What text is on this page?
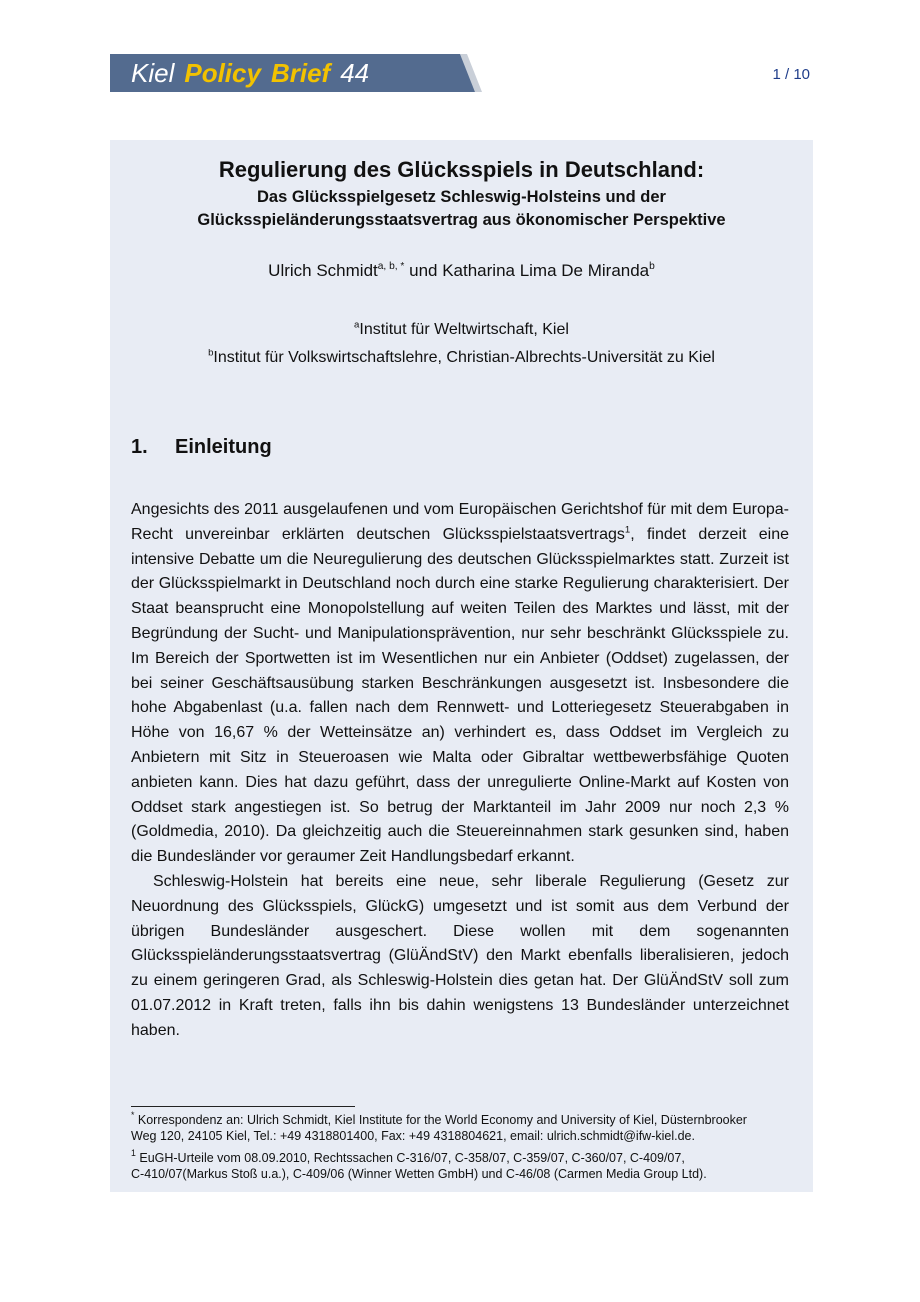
Kiel Policy Brief 44	1 / 10
Regulierung des Glücksspiels in Deutschland:
Das Glücksspielgesetz Schleswig-Holsteins und der
Glücksspieländerungsstaatsvertrag aus ökonomischer Perspektive
Ulrich Schmidt$^{a, b, *}$ und Katharina Lima De Miranda$^b$
$^a$Institut für Weltwirtschaft, Kiel
$^b$Institut für Volkswirtschaftslehre, Christian-Albrechts-Universität zu Kiel
1. Einleitung

Angesichts des 2011 ausgelaufenen und vom Europäischen Gerichtshof für mit dem Europa-Recht unvereinbar erklärten deutschen Glücksspielstaatsvertrags$^1$, findet derzeit eine intensive Debatte um die Neuregulierung des deutschen Glücksspielmarktes statt. Zurzeit ist der Glücksspielmarkt in Deutschland noch durch eine starke Regulierung charakterisiert. Der Staat beansprucht eine Monopolstellung auf weiten Teilen des Marktes und lässt, mit der Begründung der Sucht- und Manipulationsprävention, nur sehr beschränkt Glücksspiele zu. Im Bereich der Sportwetten ist im Wesentlichen nur ein Anbieter (Oddset) zugelassen, der bei seiner Geschäftsausübung starken Beschränkungen ausgesetzt ist. Insbesondere die hohe Abgabenlast (u.a. fallen nach dem Rennwett- und Lotteriegesetz Steuerabgaben in Höhe von 16,67 % der Wetteinsätze an) verhindert es, dass Oddset im Vergleich zu Anbietern mit Sitz in Steueroasen wie Malta oder Gibraltar wettbewerbsfähige Quoten anbieten kann. Dies hat dazu geführt, dass der unregulierte Online-Markt auf Kosten von Oddset stark angestiegen ist. So betrug der Marktanteil im Jahr 2009 nur noch 2,3 % (Goldmedia, 2010). Da gleichzeitig auch die Steuereinnahmen stark gesunken sind, haben die Bundesländer vor geraumer Zeit Handlungsbedarf erkannt.

Schleswig-Holstein hat bereits eine neue, sehr liberale Regulierung (Gesetz zur Neuordnung des Glücksspiels, GlückG) umgesetzt und ist somit aus dem Verbund der übrigen Bundesländer ausgeschert. Diese wollen mit dem sogenannten Glücksspieländerungsstaatsvertrag (GlüÄndStV) den Markt ebenfalls liberalisieren, jedoch zu einem geringeren Grad, als Schleswig-Holstein dies getan hat. Der GlüÄndStV soll zum 01.07.2012 in Kraft treten, falls ihn bis dahin wenigstens 13 Bundesländer unterzeichnet haben.

* Korrespondenz an: Ulrich Schmidt, Kiel Institute for the World Economy and University of Kiel, Düsternbrooker
Weg 120, 24105 Kiel, Tel.: +49 4318801400, Fax: +49 4318804621, email: ulrich.schmidt@ifw-kiel.de.
$^1$ EuGH-Urteile vom 08.09.2010, Rechtssachen C-316/07, C-358/07, C-359/07, C-360/07, C-409/07,
C-410/07(Markus Stoß u.a.), C-409/06 (Winner Wetten GmbH) und C-46/08 (Carmen Media Group Ltd).
